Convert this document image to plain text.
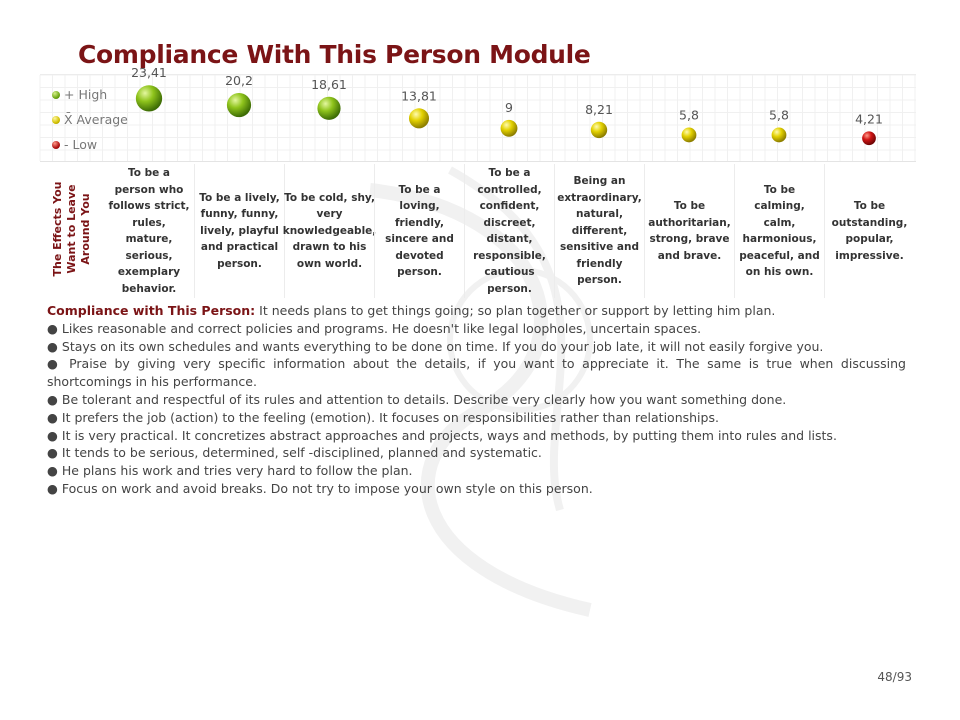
Compliance With This Person Module
23,41
20,2	18,61
13,81
9	8,21	5,8	5,8	4,21
+ High
X̄ Average
- Low
The Effects You Want to Leave Around You
To be a person who follows strict, rules, mature, serious, exemplary behavior.
To be a lively, funny, funny, lively, playful and practical person.
To be cold, shy, very knowledgeable, drawn to his own world.
To be a loving, friendly, sincere and devoted person.
To be a controlled, confident, discreet, distant, responsible, cautious person.
Being an extraordinary, natural, different, sensitive and friendly person.
To be authoritarian, strong, brave and brave.
To be calming, calm, harmonious, peaceful, and on his own.
To be outstanding, popular, impressive.

Compliance with This Person: It needs plans to get things going; so plan together or support by letting him plan.

● Likes reasonable and correct policies and programs. He doesn't like legal loopholes, uncertain spaces.

● Stays on its own schedules and wants everything to be done on time. If you do your job late, it will not easily forgive you.

● Praise by giving very specific information about the details, if you want to appreciate it. The same is true when discussing shortcomings in his performance.

● Be tolerant and respectful of its rules and attention to details. Describe very clearly how you want something done.

● It prefers the job (action) to the feeling (emotion). It focuses on responsibilities rather than relationships.

● It is very practical. It concretizes abstract approaches and projects, ways and methods, by putting them into rules and lists.

● It tends to be serious, determined, self -disciplined, planned and systematic.

● He plans his work and tries very hard to follow the plan.

● Focus on work and avoid breaks. Do not try to impose your own style on this person.

48/93
